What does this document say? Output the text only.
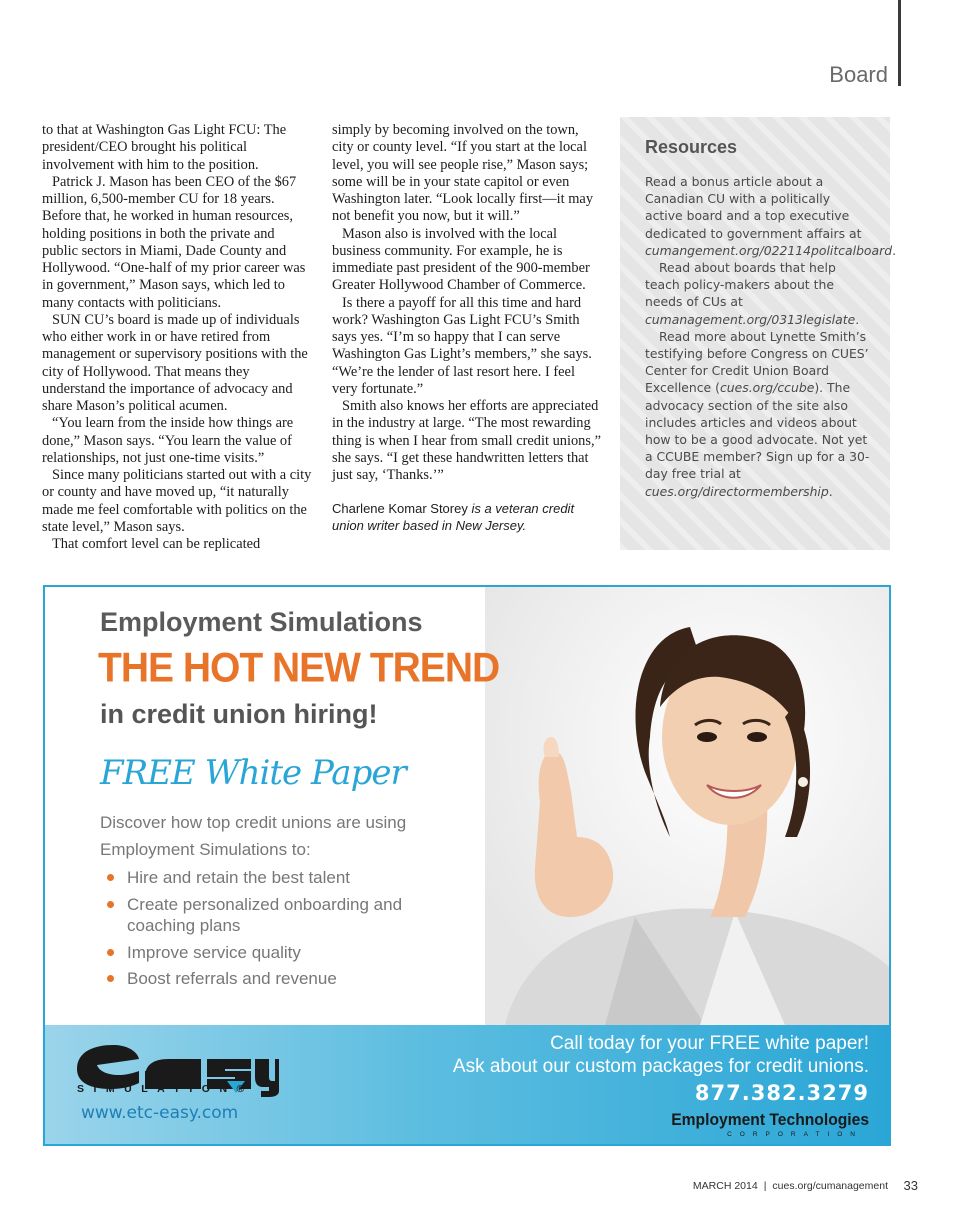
Board

to that at Washington Gas Light FCU: The president/CEO brought his political involvement with him to the position.

Patrick J. Mason has been CEO of the $67 million, 6,500-member CU for 18 years. Before that, he worked in human resources, holding positions in both the private and public sectors in Miami, Dade County and Hollywood. “One-half of my prior career was in government,” Mason says, which led to many contacts with politicians.

SUN CU’s board is made up of individuals who either work in or have retired from management or supervisory positions with the city of Hollywood. That means they understand the importance of advocacy and share Mason’s political acumen.

“You learn from the inside how things are done,” Mason says. “You learn the value of relationships, not just one-time visits.”

Since many politicians started out with a city or county and have moved up, “it naturally made me feel comfortable with politics on the state level,” Mason says.

That comfort level can be replicated

simply by becoming involved on the town, city or county level. “If you start at the local level, you will see people rise,” Mason says; some will be in your state capitol or even Washington later. “Look locally first—it may not benefit you now, but it will.”

Mason also is involved with the local business community. For example, he is immediate past president of the 900-member Greater Hollywood Chamber of Commerce.

Is there a payoff for all this time and hard work? Washington Gas Light FCU’s Smith says yes. “I’m so happy that I can serve Washington Gas Light’s members,” she says. “We’re the lender of last resort here. I feel very fortunate.”

Smith also knows her efforts are appreciated in the industry at large. “The most rewarding thing is when I hear from small credit unions,” she says. “I get these handwritten letters that just say, ‘Thanks.’”

Charlene Komar Storey is a veteran credit union writer based in New Jersey.

Resources

Read a bonus article about a Canadian CU with a politically active board and a top executive dedicated to government affairs at cumangement.org/022114politcalboard.

Read about boards that help teach policy-makers about the needs of CUs at cumanagement.org/0313legislate.

Read more about Lynette Smith’s testifying before Congress on CUES’ Center for Credit Union Board Excellence (cues.org/ccube). The advocacy section of the site also includes articles and videos about how to be a good advocate. Not yet a CCUBE member? Sign up for a 30-day free trial at cues.org/directormembership.

Employment Simulations
THE HOT NEW TREND
in credit union hiring!
FREE White Paper
Discover how top credit unions are using Employment Simulations to:
Hire and retain the best talent
Create personalized onboarding and coaching plans
Improve service quality
Boost referrals and revenue
SIMULATION®
www.etc-easy.com
Call today for your FREE white paper!
Ask about our custom packages for credit unions.
877.382.3279
Employment Technologies
CORPORATION
MARCH 2014 | cues.org/cumanagement 33
